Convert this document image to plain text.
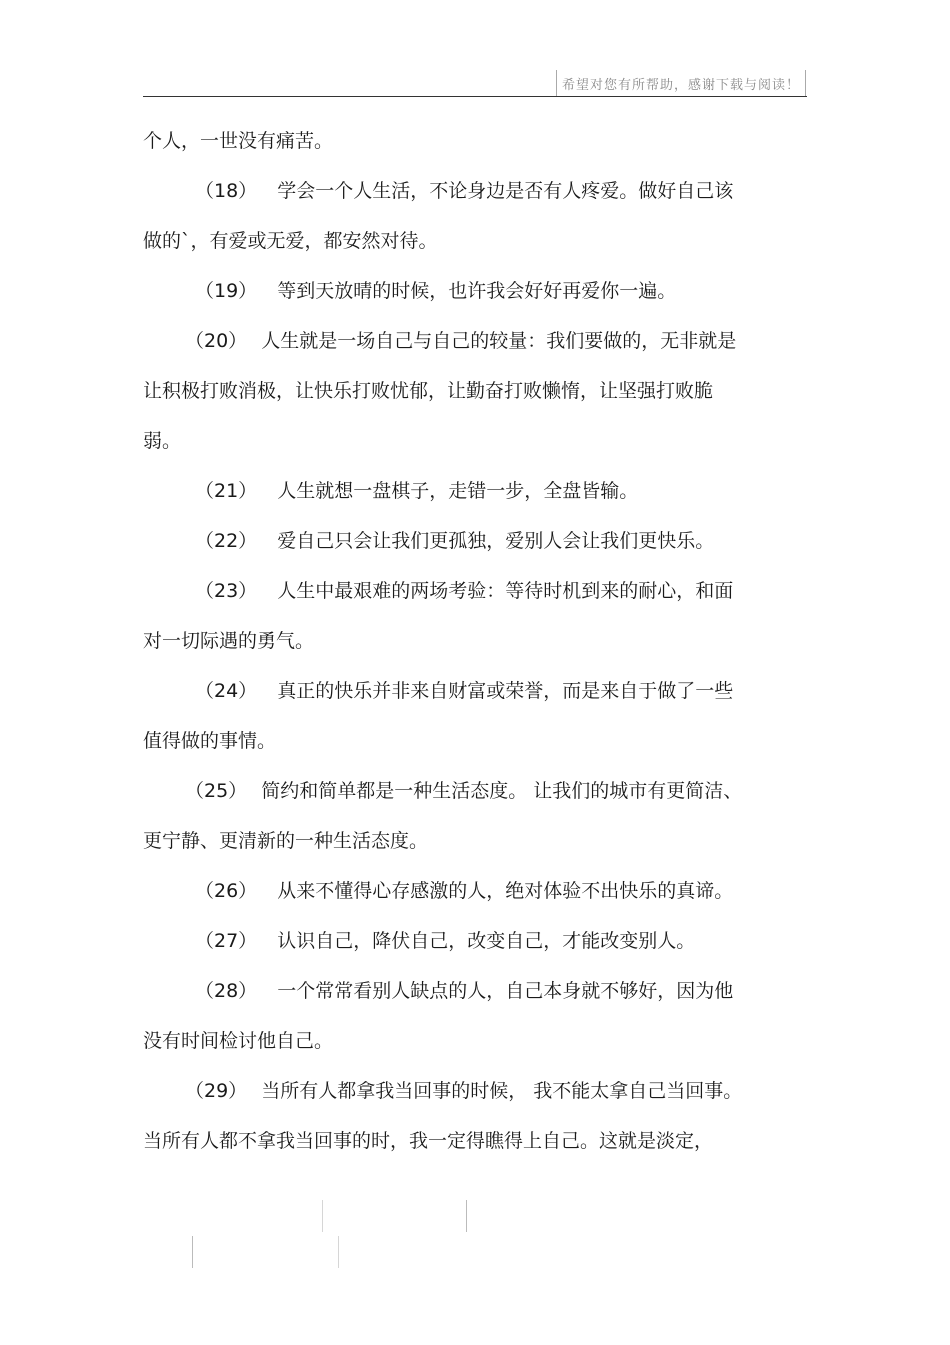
希望对您有所帮助，感谢下载与阅读！
个人，一世没有痛苦。
（18） 学会一个人生活，不论身边是否有人疼爱。做好自己该
做的`，有爱或无爱，都安然对待。
（19） 等到天放晴的时候，也许我会好好再爱你一遍。
（20） 人生就是一场自己与自己的较量：我们要做的，无非就是
让积极打败消极，让快乐打败忧郁，让勤奋打败懒惰，让坚强打败脆
弱。
（21） 人生就想一盘棋子，走错一步，全盘皆输。
（22） 爱自己只会让我们更孤独，爱别人会让我们更快乐。
（23） 人生中最艰难的两场考验：等待时机到来的耐心，和面
对一切际遇的勇气。
（24） 真正的快乐并非来自财富或荣誉，而是来自于做了一些
值得做的事情。
（25） 简约和简单都是一种生活态度。 让我们的城市有更简洁、
更宁静、更清新的一种生活态度。
（26） 从来不懂得心存感激的人，绝对体验不出快乐的真谛。
（27） 认识自己，降伏自己，改变自己，才能改变别人。
（28） 一个常常看别人缺点的人，自己本身就不够好，因为他
没有时间检讨他自己。
（29） 当所有人都拿我当回事的时候， 我不能太拿自己当回事。
当所有人都不拿我当回事的时，我一定得瞧得上自己。这就是淡定，
